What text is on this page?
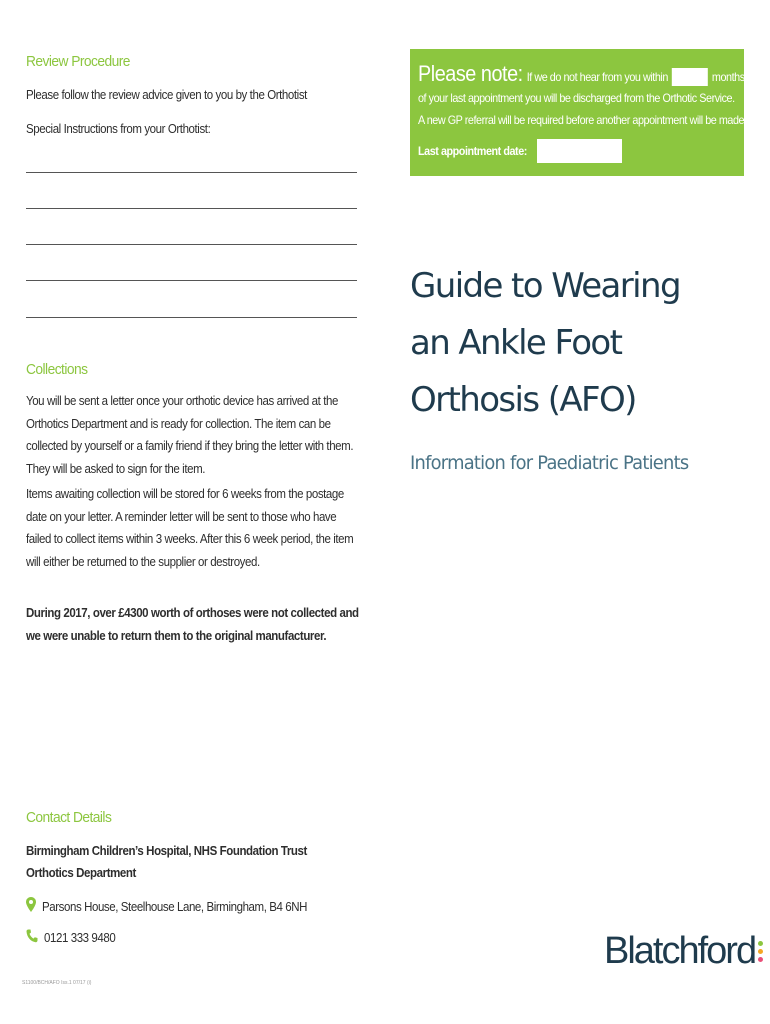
Review Procedure
Please follow the review advice given to you by the Orthotist
Special Instructions from your Orthotist:
Collections
You will be sent a letter once your orthotic device has arrived at the Orthotics Department and is ready for collection. The item can be collected by yourself or a family friend if they bring the letter with them. They will be asked to sign for the item.
Items awaiting collection will be stored for 6 weeks from the postage date on your letter. A reminder letter will be sent to those who have failed to collect items within 3 weeks. After this 6 week period, the item will either be returned to the supplier or destroyed.
During 2017, over £4300 worth of orthoses were not collected and we were unable to return them to the original manufacturer.
Contact Details
Birmingham Children’s Hospital, NHS Foundation Trust
Orthotics Department
Parsons House, Steelhouse Lane, Birmingham, B4 6NH
0121 333 9480
S1100/BCH/AFO Iss.1 07/17 (i)
Please note: If we do not hear from you within	months
of your last appointment you will be discharged from the Orthotic Service.
A new GP referral will be required before another appointment will be made.
Last appointment date:
Guide to Wearing
an Ankle Foot
Orthosis (AFO)
Information for Paediatric Patients
Blatchford
